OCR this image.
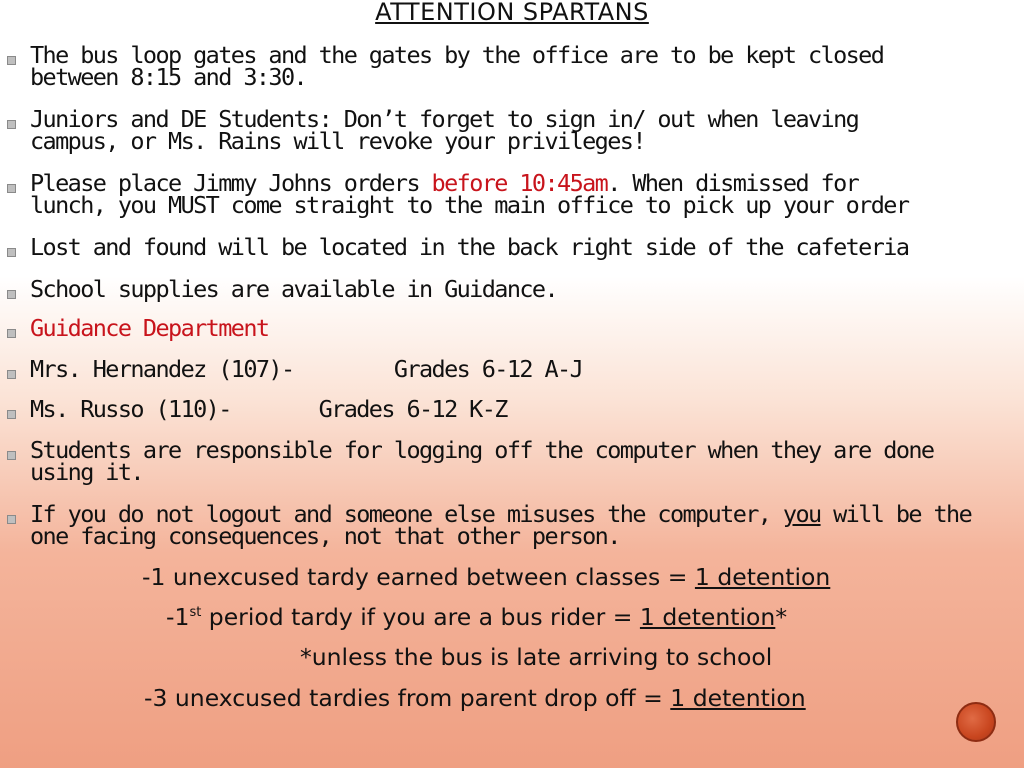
ATTENTION SPARTANS
The bus loop gates and the gates by the office are to be kept closed
between 8:15 and 3:30.
Juniors and DE Students: Don’t forget to sign in/ out when leaving
campus, or Ms. Rains will revoke your privileges!
Please place Jimmy Johns orders before 10:45am. When dismissed for
lunch, you MUST come straight to the main office to pick up your order
Lost and found will be located in the back right side of the cafeteria
School supplies are available in Guidance.
Guidance Department
Mrs. Hernandez (107)-        Grades 6-12 A-J
Ms. Russo (110)-       Grades 6-12 K-Z
Students are responsible for logging off the computer when they are done
using it.
If you do not logout and someone else misuses the computer, you will be the
one facing consequences, not that other person.
-1 unexcused tardy earned between classes = 1 detention
-1st period tardy if you are a bus rider = 1 detention*
*unless the bus is late arriving to school
-3 unexcused tardies from parent drop off = 1 detention
